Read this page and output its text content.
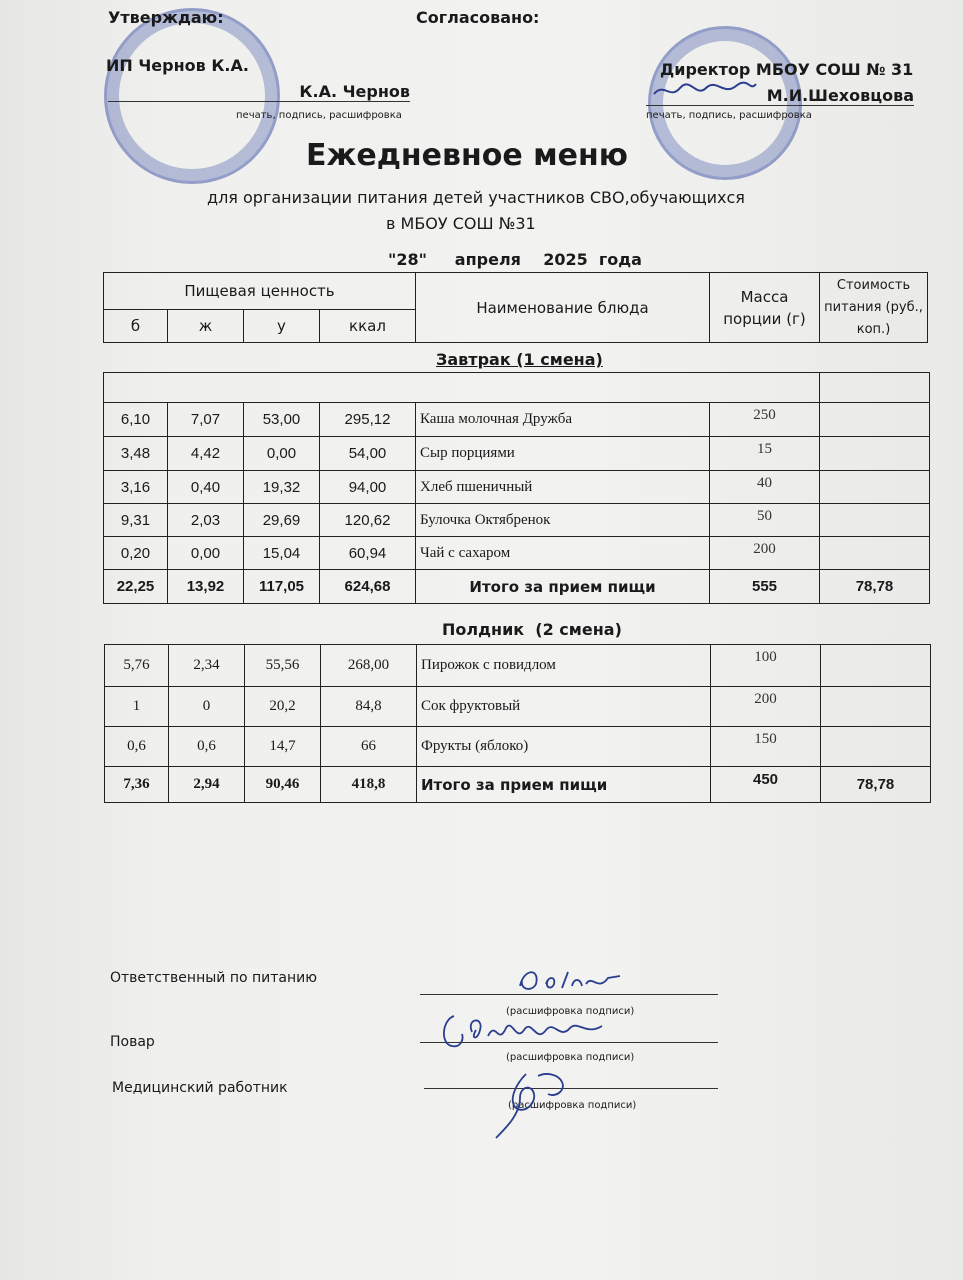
Утверждаю:
ИП Чернов К.А.
К.А. Чернов
печать, подпись, расшифровка
Согласовано:
Директор МБОУ СОШ № 31
М.И.Шеховцова
печать, подпись, расшифровка
Ежедневное меню
для организации питания детей участников СВО,обучающихся
в МБОУ СОШ №31
"28"     апреля    2025  года
Пищевая ценность				Наименование блюда	Масса порции (г)	Стоимость питания (руб., коп.)
б	ж	у	ккал			
Завтрак (1 смена)

6,10	7,07	53,00	295,12	Каша молочная Дружба	250	
3,48	4,42	0,00	54,00	Сыр порциями	15	
3,16	0,40	19,32	94,00	Хлеб пшеничный	40	
9,31	2,03	29,69	120,62	Булочка Октябренок	50	
0,20	0,00	15,04	60,94	Чай с сахаром	200	
22,25	13,92	117,05	624,68	Итого за прием пищи	555	78,78
Полдник  (2 смена)
5,76	2,34	55,56	268,00	Пирожок с повидлом	100	
1	0	20,2	84,8	Сок фруктовый	200	
0,6	0,6	14,7	66	Фрукты (яблоко)	150	
7,36	2,94	90,46	418,8	Итого за прием пищи	450	78,78
Ответственный по питанию
(расшифровка подписи)
Повар
(расшифровка подписи)
Медицинский работник
(расшифровка подписи)
